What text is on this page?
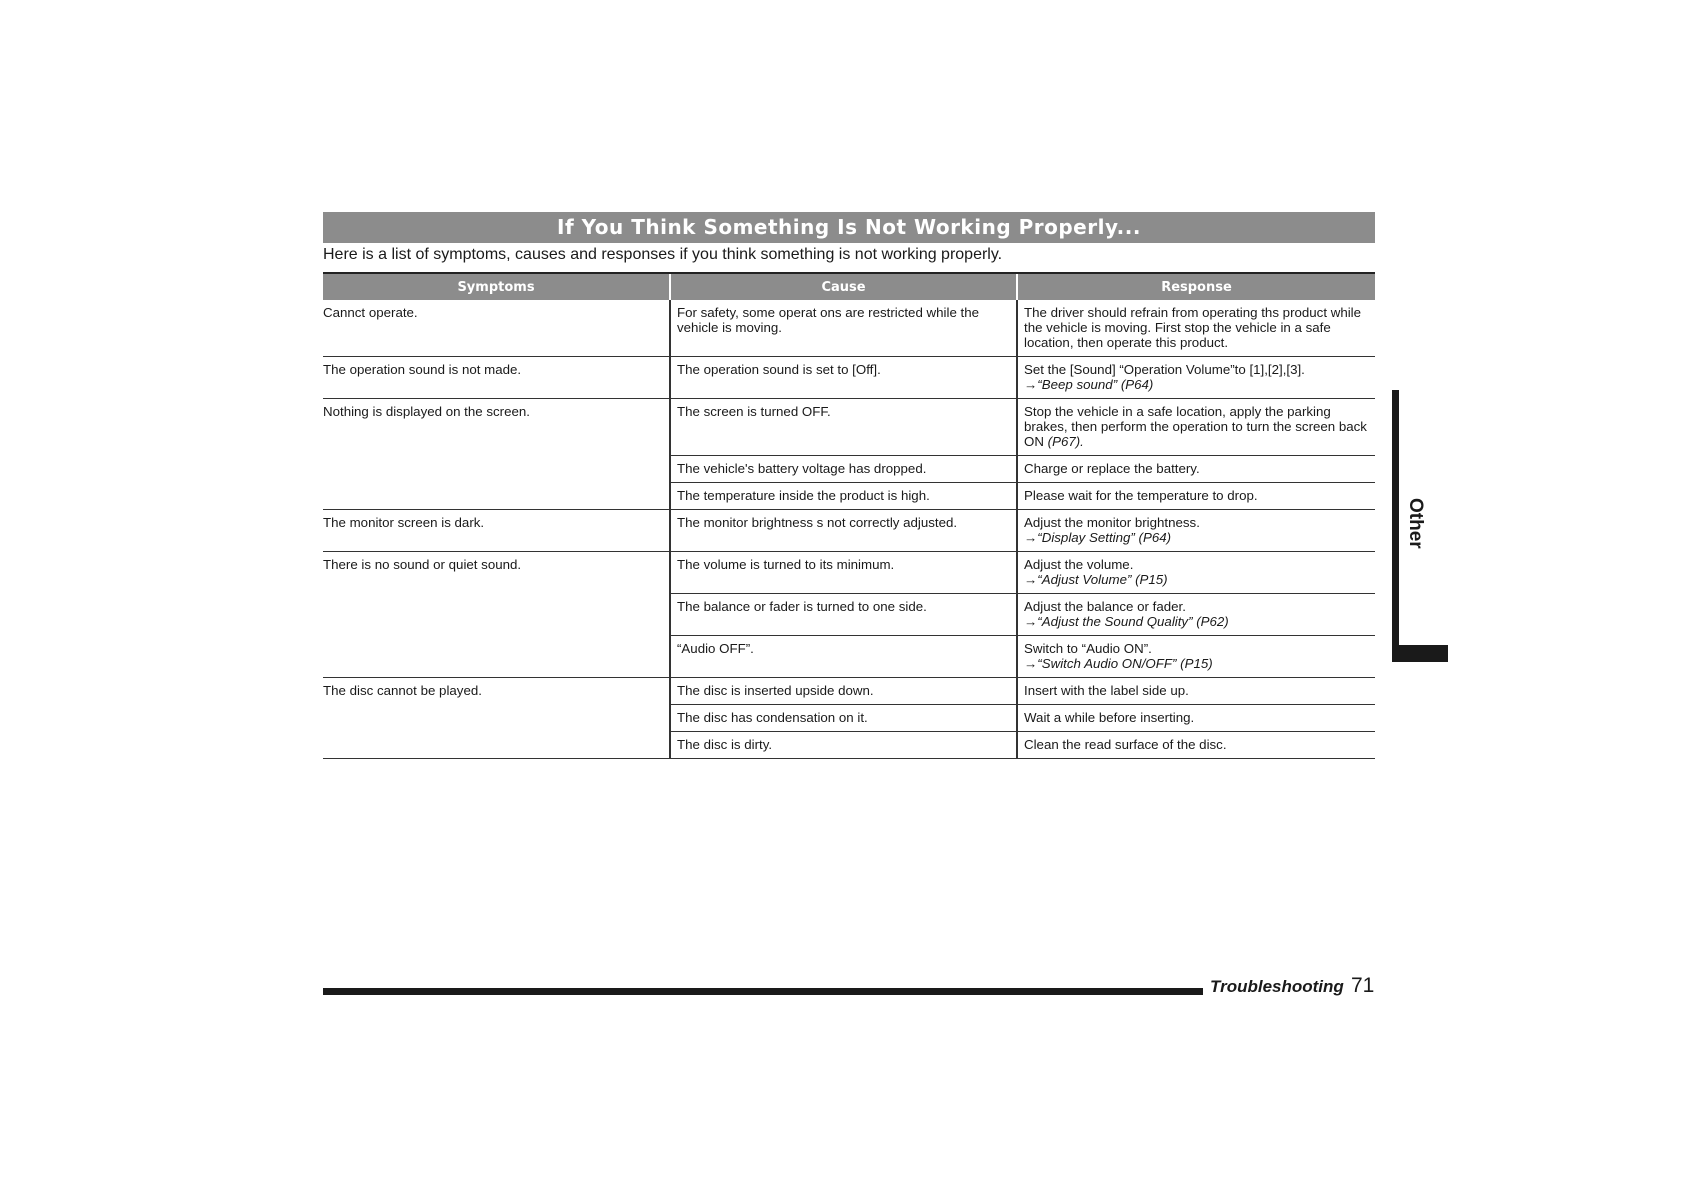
If You Think Something Is Not Working Properly...
Here is a list of symptoms, causes and responses if you think something is not working properly.
Symptoms	Cause	Response
Cannct operate.	For safety, some operat ons are restricted while the vehicle is moving.	The driver should refrain from operating ths product while the vehicle is moving. First stop the vehicle in a safe location, then operate this product.
The operation sound is not made.	The operation sound is set to [Off].	Set the [Sound] “Operation Volume”to [1],[2],[3].
→“Beep sound” (P64)

Nothing is displayed on the screen.	The screen is turned OFF.	Stop the vehicle in a safe location, apply the parking brakes, then perform the operation to turn the screen back ON (P67).
	The vehicle's battery voltage has dropped.	Charge or replace the battery.
	The temperature inside the product is high.	Please wait for the temperature to drop.
The monitor screen is dark.	The monitor brightness s not correctly adjusted.	Adjust the monitor brightness.
→“Display Setting” (P64)

There is no sound or quiet sound.	The volume is turned to its minimum.	Adjust the volume.
→“Adjust Volume” (P15)

	The balance or fader is turned to one side.	Adjust the balance or fader.
→“Adjust the Sound Quality” (P62)

	“Audio OFF”.	Switch to “Audio ON”.
→“Switch Audio ON/OFF” (P15)

The disc cannot be played.	The disc is inserted upside down.	Insert with the label side up.
	The disc has condensation on it.	Wait a while before inserting.
	The disc is dirty.	Clean the read surface of the disc.
Other
Troubleshooting 71
